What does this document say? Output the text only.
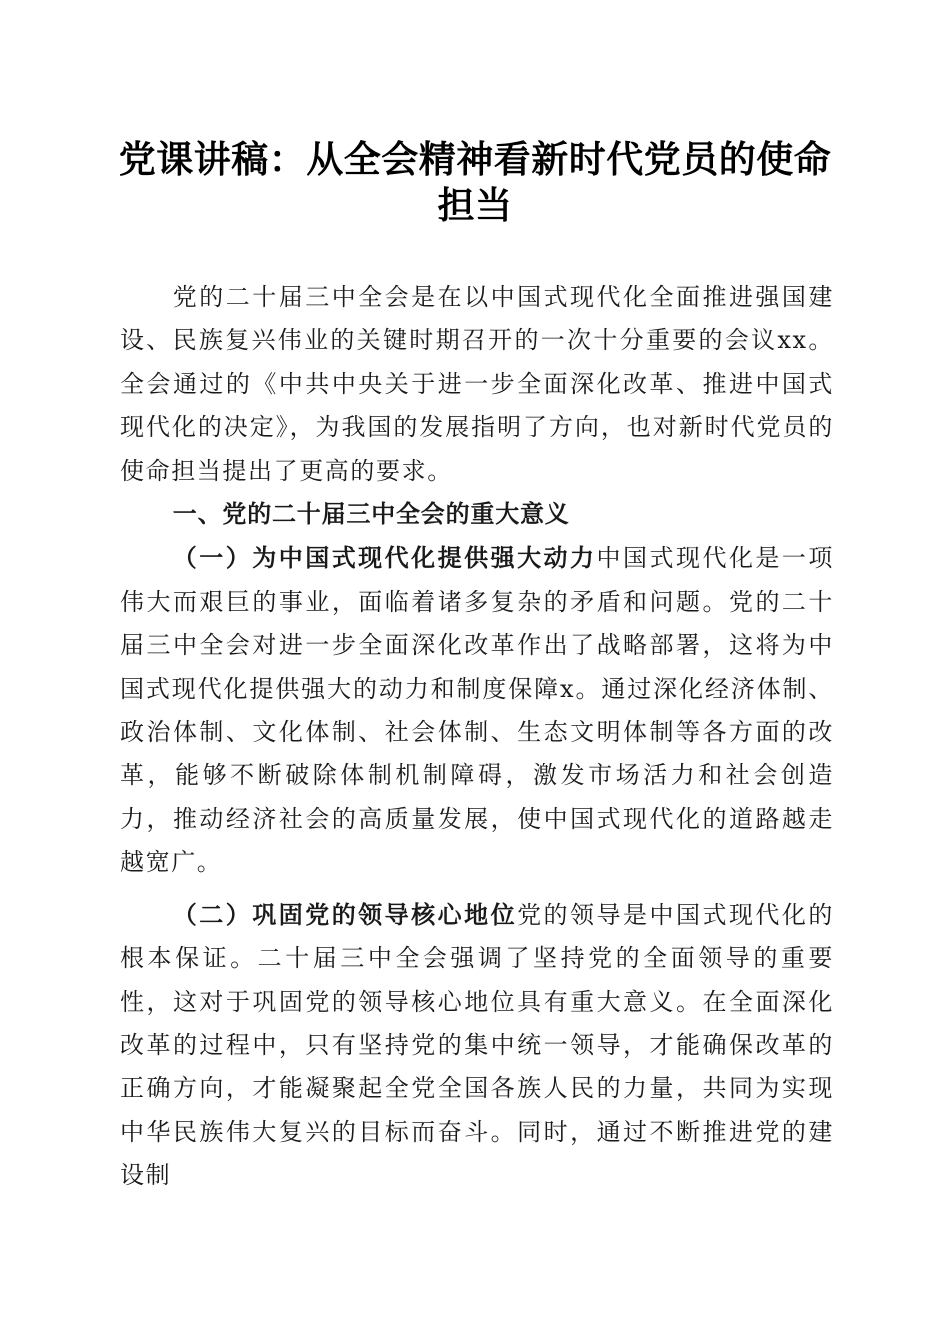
党课讲稿：从全会精神看新时代党员的使命担当

党的二十届三中全会是在以中国式现代化全面推进强国建设、民族复兴伟业的关键时期召开的一次十分重要的会议xx。全会通过的《中共中央关于进一步全面深化改革、推进中国式现代化的决定》，为我国的发展指明了方向，也对新时代党员的使命担当提出了更高的要求。

一、党的二十届三中全会的重大意义

（一）为中国式现代化提供强大动力中国式现代化是一项伟大而艰巨的事业，面临着诸多复杂的矛盾和问题。党的二十届三中全会对进一步全面深化改革作出了战略部署，这将为中国式现代化提供强大的动力和制度保障x。通过深化经济体制、政治体制、文化体制、社会体制、生态文明体制等各方面的改革，能够不断破除体制机制障碍，激发市场活力和社会创造力，推动经济社会的高质量发展，使中国式现代化的道路越走越宽广。

（二）巩固党的领导核心地位党的领导是中国式现代化的根本保证。二十届三中全会强调了坚持党的全面领导的重要性，这对于巩固党的领导核心地位具有重大意义。在全面深化改革的过程中，只有坚持党的集中统一领导，才能确保改革的正确方向，才能凝聚起全党全国各族人民的力量，共同为实现中华民族伟大复兴的目标而奋斗。同时，通过不断推进党的建设制
